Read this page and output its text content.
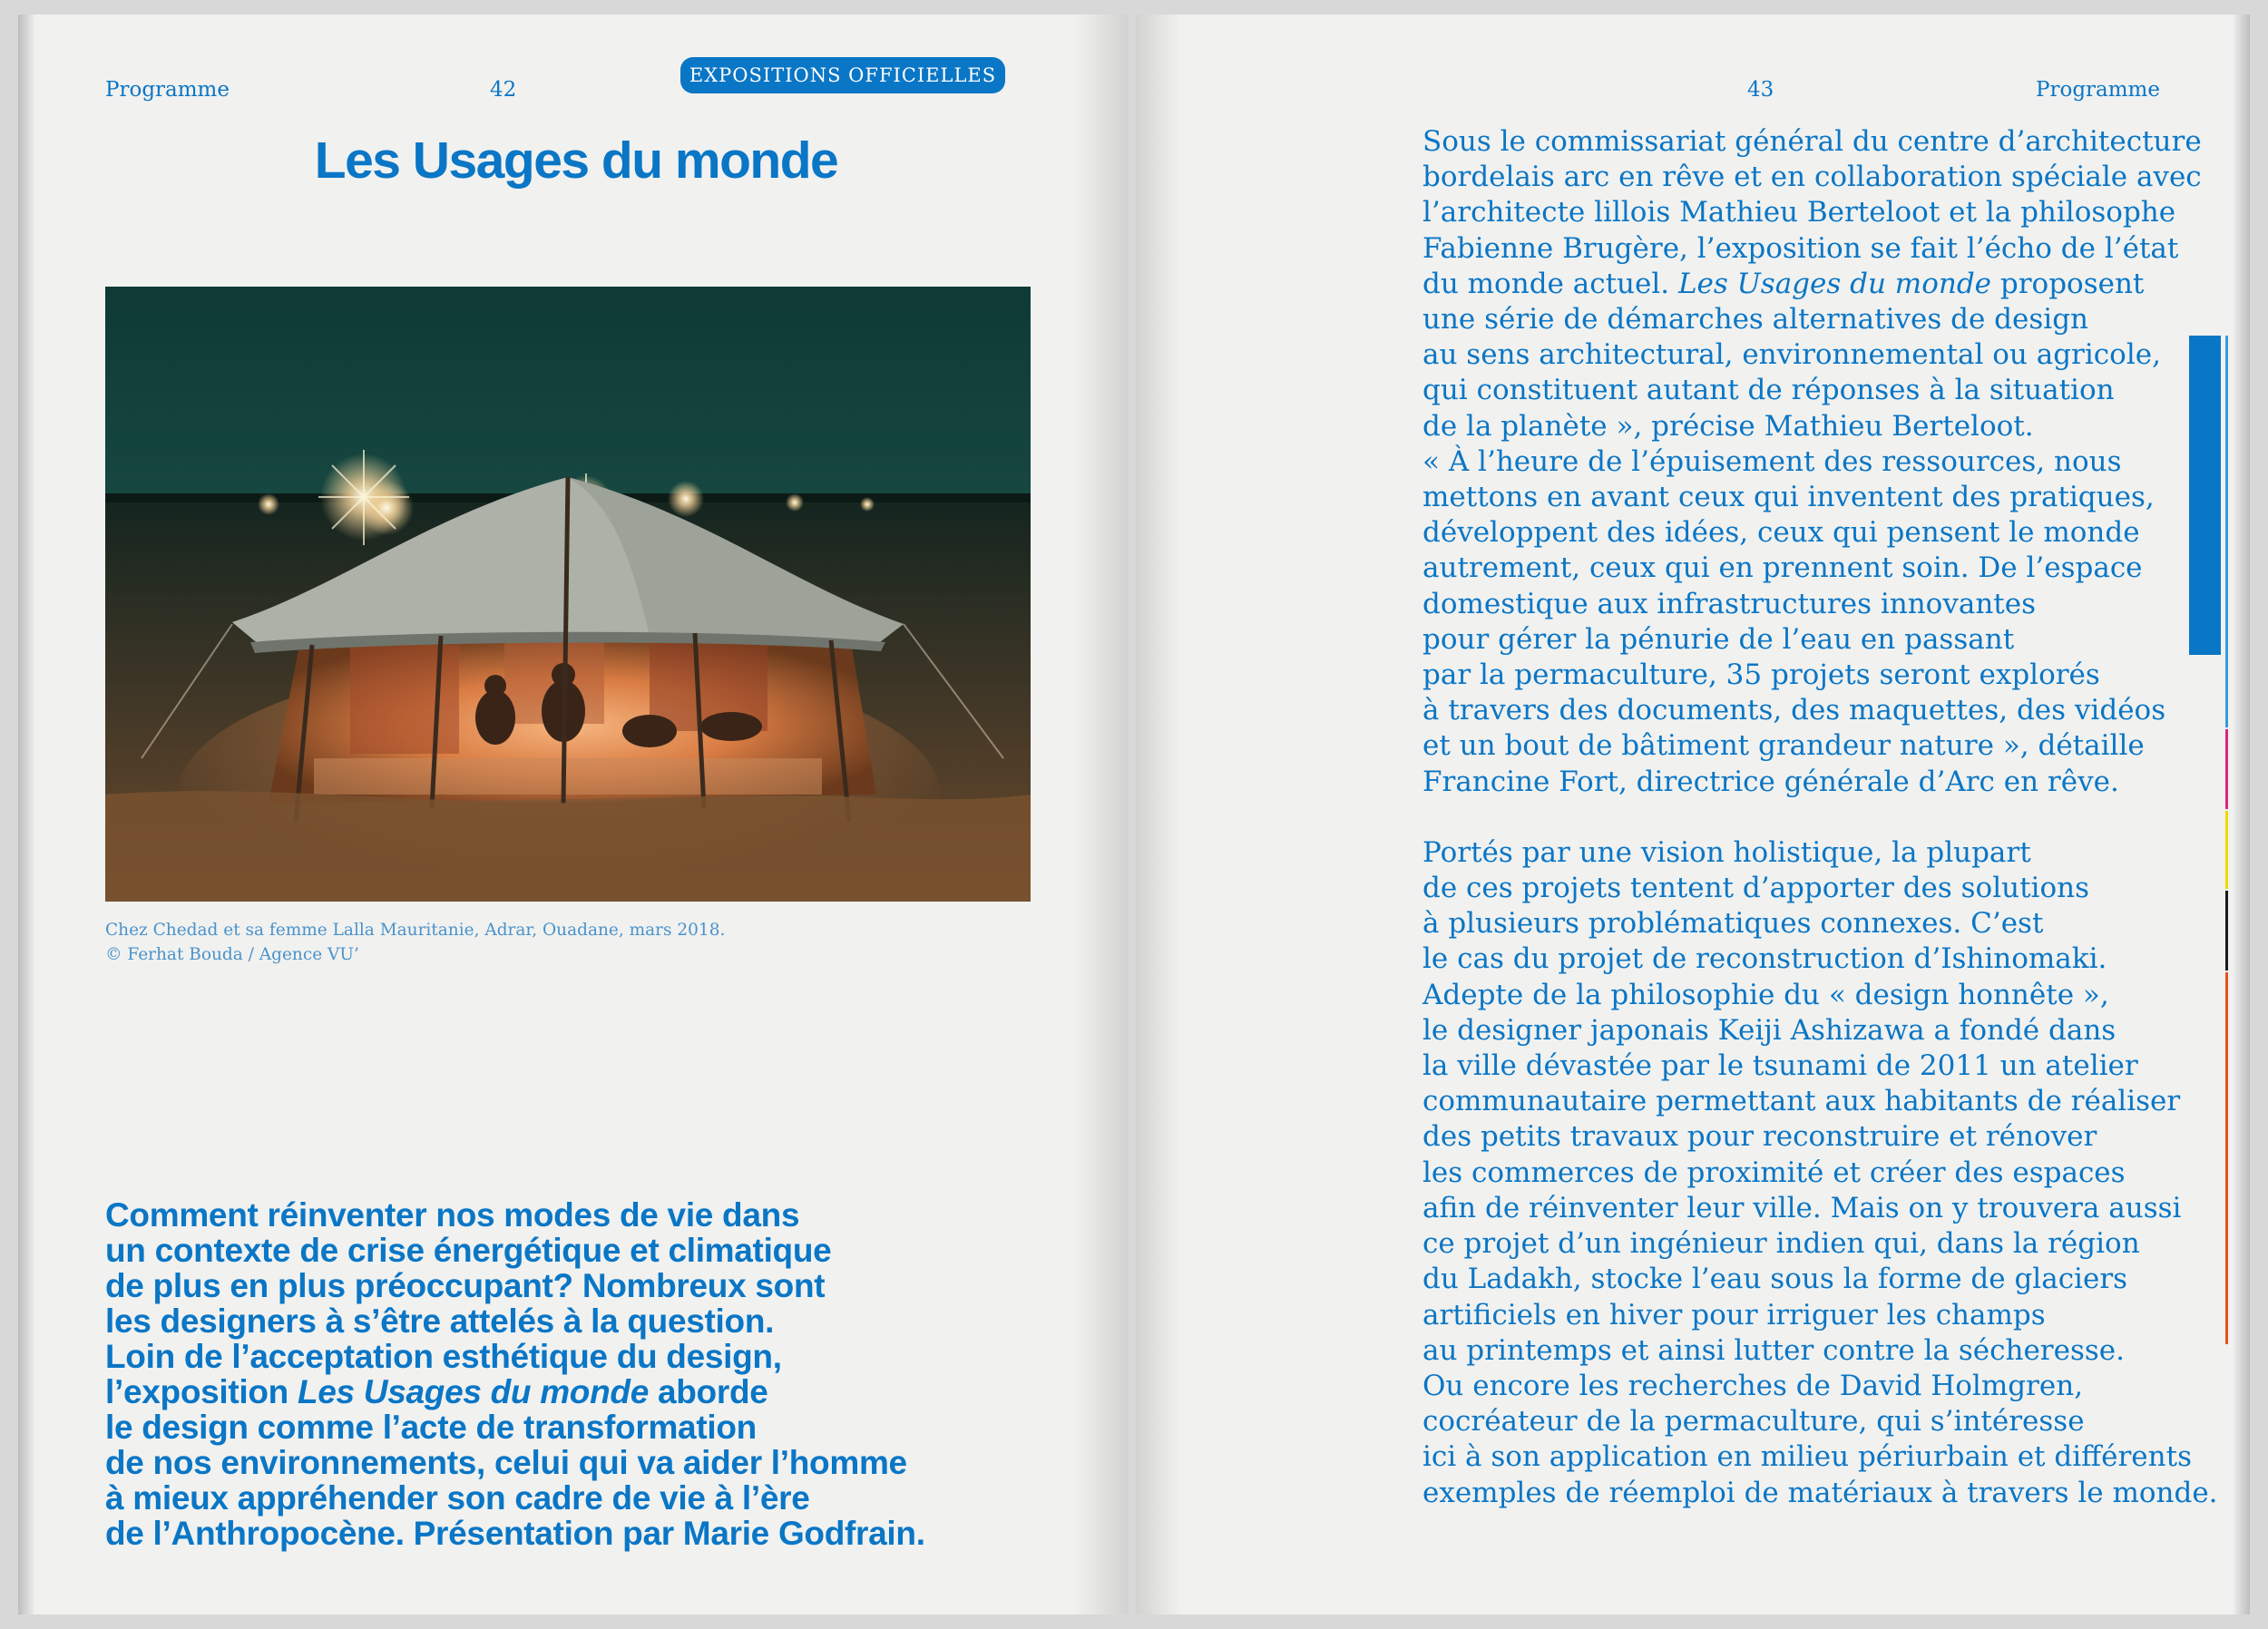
Programme	42
EXPOSITIONS OFFICIELLES
Les Usages du monde
Chez Chedad et sa femme Lalla Mauritanie, Adrar, Ouadane, mars 2018.
© Ferhat Bouda / Agence VU’
Comment réinventer nos modes de vie dans
un contexte de crise énergétique et climatique
de plus en plus préoccupant? Nombreux sont
les designers à s’être attelés à la question.
Loin de l’acceptation esthétique du design,
l’exposition Les Usages du monde aborde
le design comme l’acte de transformation
de nos environnements, celui qui va aider l’homme
à mieux appréhender son cadre de vie à l’ère
de l’Anthropocène. Présentation par Marie Godfrain.
43	Programme
Sous le commissariat général du centre d’architecture
bordelais arc en rêve et en collaboration spéciale avec
l’architecte lillois Mathieu Berteloot et la philosophe
Fabienne Brugère, l’exposition se fait l’écho de l’état
du monde actuel. Les Usages du monde proposent
une série de démarches alternatives de design
au sens architectural, environnemental ou agricole,
qui constituent autant de réponses à la situation
de la planète », précise Mathieu Berteloot.
« À l’heure de l’épuisement des ressources, nous
mettons en avant ceux qui inventent des pratiques,
développent des idées, ceux qui pensent le monde
autrement, ceux qui en prennent soin. De l’espace
domestique aux infrastructures innovantes
pour gérer la pénurie de l’eau en passant
par la permaculture, 35 projets seront explorés
à travers des documents, des maquettes, des vidéos
et un bout de bâtiment grandeur nature », détaille
Francine Fort, directrice générale d’Arc en rêve.
Portés par une vision holistique, la plupart
de ces projets tentent d’apporter des solutions
à plusieurs problématiques connexes. C’est
le cas du projet de reconstruction d’Ishinomaki.
Adepte de la philosophie du « design honnête »,
le designer japonais Keiji Ashizawa a fondé dans
la ville dévastée par le tsunami de 2011 un atelier
communautaire permettant aux habitants de réaliser
des petits travaux pour reconstruire et rénover
les commerces de proximité et créer des espaces
afin de réinventer leur ville. Mais on y trouvera aussi
ce projet d’un ingénieur indien qui, dans la région
du Ladakh, stocke l’eau sous la forme de glaciers
artificiels en hiver pour irriguer les champs
au printemps et ainsi lutter contre la sécheresse.
Ou encore les recherches de David Holmgren,
cocréateur de la permaculture, qui s’intéresse
ici à son application en milieu périurbain et différents
exemples de réemploi de matériaux à travers le monde.
